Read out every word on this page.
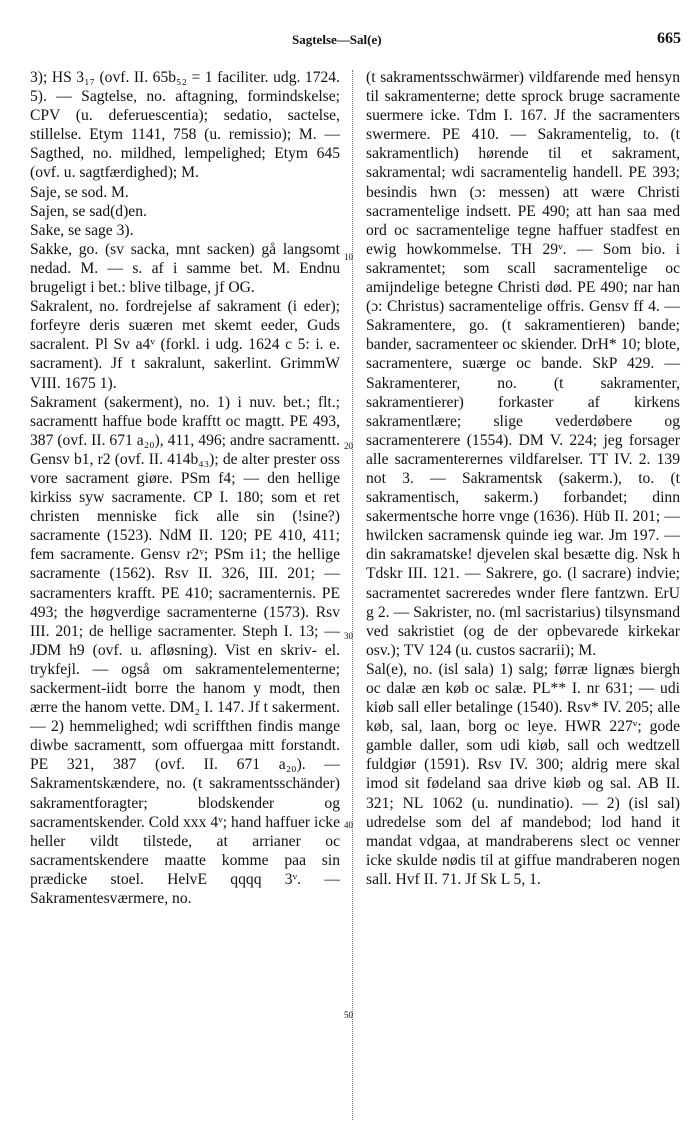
Sagtelse—Sal(e)	665
10
20
30
40
50

3); HS 3₁₇ (ovf. II. 65b₅₂ = 1 faciliter. udg. 1724. 5). — Sagtelse, no. aftagning, formindskelse; CPV (u. deferuescentia); sedatio, sactelse, stillelse. Etym 1141, 758 (u. remissio); M. — Sagthed, no. mildhed, lempelighed; Etym 645 (ovf. u. sagtfærdighed); M.

Saje, se sod. M.

Sajen, se sad(d)en.

Sake, se sage 3).

Sakke, go. (sv sacka, mnt sacken) gå langsomt nedad. M. — s. af i samme bet. M. Endnu brugeligt i bet.: blive tilbage, jf OG.

Sakralent, no. fordrejelse af sakrament (i eder); forfeyre deris suæren met skemt eeder, Guds sacralent. Pl Sv a4ᵛ (forkl. i udg. 1624 c 5: i. e. sacrament). Jf t sakralunt, sakerlint. GrimmW VIII. 1675 1).

Sakrament (sakerment), no. 1) i nuv. bet.; flt.; sacramentt haffue bode krafftt oc magtt. PE 493, 387 (ovf. II. 671 a₂₀), 411, 496; andre sacramentt. Gensv b1, r2 (ovf. II. 414b₄₃); de alter prester oss vore sacrament giøre. PSm f4; — den hellige kirkiss syw sacramente. CP I. 180; som et ret christen menniske fick alle sin (!sine?) sacramente (1523). NdM II. 120; PE 410, 411; fem sacramente. Gensv r2ᵛ; PSm i1; the hellige sacramente (1562). Rsv II. 326, III. 201; — sacramenters krafft. PE 410; sacramenternis. PE 493; the høgverdige sacramenterne (1573). Rsv III. 201; de hellige sacramenter. Steph I. 13; — JDM h9 (ovf. u. afløsning). Vist en skriv- el. trykfejl. — også om sakramentelementerne; sackerment-iidt borre the hanom y modt, then ærre the hanom vette. DM₂ I. 147. Jf t sakerment. — 2) hemmelighed; wdi scriffthen findis mange diwbe sacramentt, som offuergaa mitt forstandt. PE 321, 387 (ovf. II. 671 a₂₀). — Sakramentskændere, no. (t sakramentsschänder) sakramentforagter; blodskender og sacramentskender. Cold xxx 4ᵛ; hand haffuer icke heller vildt tilstede, at arrianer oc sacramentskendere maatte komme paa sin prædicke stoel. HelvE qqqq 3ᵛ. — Sakramentesværmere, no.

(t sakramentsschwärmer) vildfarende med hensyn til sakramenterne; dette sprock bruge sacramente suermere icke. Tdm I. 167. Jf the sacramenters swermere. PE 410. — Sakramentelig, to. (t sakramentlich) hørende til et sakrament, sakramental; wdi sacramentelig handell. PE 393; besindis hwn (ɔ: messen) att wære Christi sacramentelige indsett. PE 490; att han saa med ord oc sacramentelige tegne haffuer stadfest en ewig howkommelse. TH 29ᵛ. — Som bio. i sakramentet; som scall sacramentelige oc amijndelige betegne Christi død. PE 490; nar han (ɔ: Christus) sacramentelige offris. Gensv ff 4. — Sakramentere, go. (t sakramentieren) bande; bander, sacramenteer oc skiender. DrH* 10; blote, sacramentere, suærge oc bande. SkP 429. — Sakramenterer, no. (t sakramenter, sakramentierer) forkaster af kirkens sakramentlære; slige vederdøbere og sacramenterere (1554). DM V. 224; jeg forsager alle sacramenterernes vildfarelser. TT IV. 2. 139 not 3. — Sakramentsk (sakerm.), to. (t sakramentisch, sakerm.) forbandet; dinn sakermentsche horre vnge (1636). Hüb II. 201; — hwilcken sacramensk quinde ieg war. Jm 197. — din sakramatske! djevelen skal besætte dig. Nsk h Tdskr III. 121. — Sakrere, go. (l sacrare) indvie; sacramentet sacreredes wnder flere fantzwn. ErU g 2. — Sakrister, no. (ml sacristarius) tilsynsmand ved sakristiet (og de der opbevarede kirkekar osv.); TV 124 (u. custos sacrarii); M.

Sal(e), no. (isl sala) 1) salg; førræ lignæs biergh oc dalæ æn køb oc salæ. PL** I. nr 631; — udi kiøb sall eller betalinge (1540). Rsv* IV. 205; alle køb, sal, laan, borg oc leye. HWR 227ᵛ; gode gamble daller, som udi kiøb, sall och wedtzell fuldgiør (1591). Rsv IV. 300; aldrig mere skal imod sit fødeland saa drive kiøb og sal. AB II. 321; NL 1062 (u. nundinatio). — 2) (isl sal) udredelse som del af mandebod; lod hand it mandat vdgaa, at mandraberens slect oc venner icke skulde nødis til at giffue mandraberen nogen sall. Hvf II. 71. Jf Sk L 5, 1.
